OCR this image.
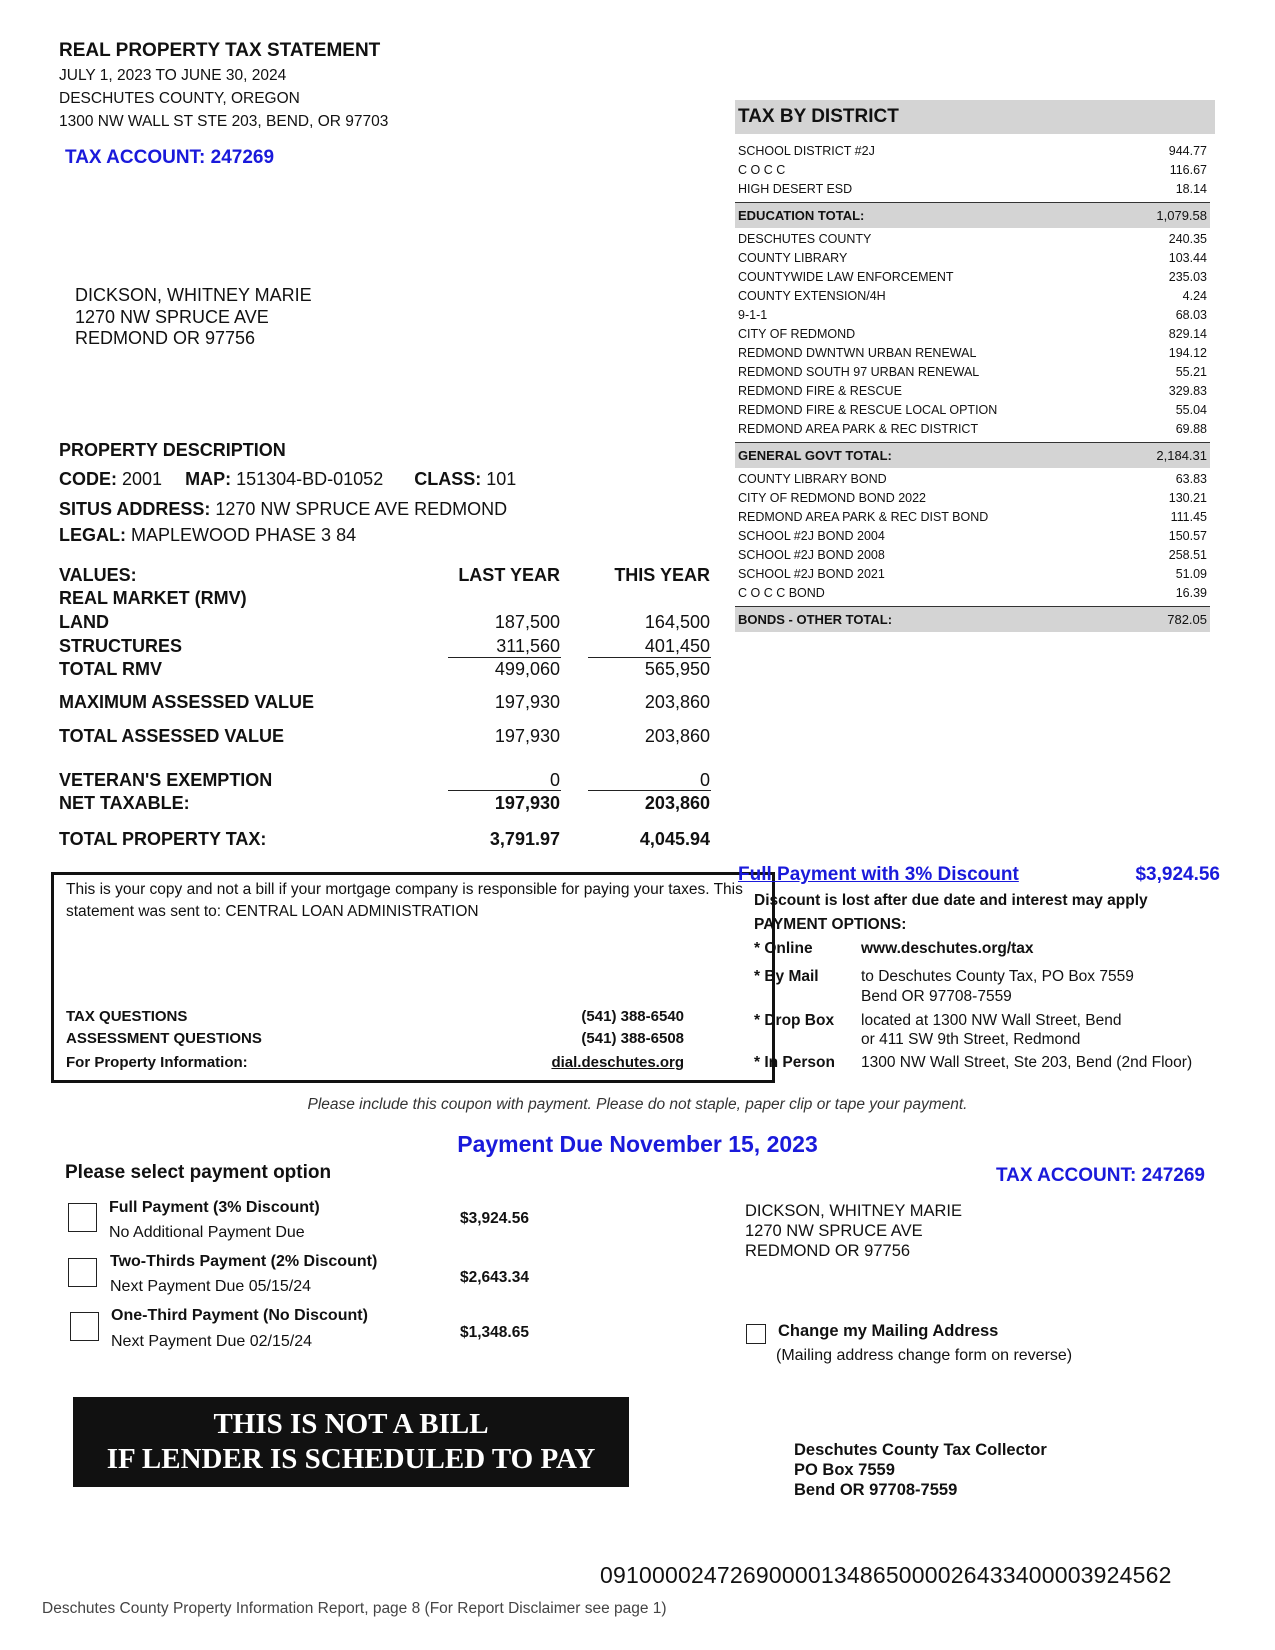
REAL PROPERTY TAX STATEMENT
JULY 1, 2023 TO JUNE 30, 2024
DESCHUTES COUNTY, OREGON
1300 NW WALL ST STE 203, BEND, OR 97703
TAX ACCOUNT: 247269
DICKSON, WHITNEY MARIE
1270 NW SPRUCE AVE
REDMOND OR 97756
PROPERTY DESCRIPTION
CODE: 2001 MAP: 151304-BD-01052 CLASS: 101
SITUS ADDRESS: 1270 NW SPRUCE AVE REDMOND
LEGAL: MAPLEWOOD PHASE 3 84
VALUES:	LAST YEAR	THIS YEAR
REAL MARKET (RMV)
LAND	187,500	164,500
STRUCTURES	311,560	401,450
TOTAL RMV	499,060	565,950
MAXIMUM ASSESSED VALUE	197,930	203,860
TOTAL ASSESSED VALUE	197,930	203,860
VETERAN'S EXEMPTION	0	0
NET TAXABLE:	197,930	203,860
TOTAL PROPERTY TAX:	3,791.97	4,045.94
TAX BY DISTRICT
SCHOOL DISTRICT #2J	944.77
C O C C	116.67
HIGH DESERT ESD	18.14
EDUCATION TOTAL:	1,079.58
DESCHUTES COUNTY	240.35
COUNTY LIBRARY	103.44
COUNTYWIDE LAW ENFORCEMENT	235.03
COUNTY EXTENSION/4H	4.24
9-1-1	68.03
CITY OF REDMOND	829.14
REDMOND DWNTWN URBAN RENEWAL	194.12
REDMOND SOUTH 97 URBAN RENEWAL	55.21
REDMOND FIRE & RESCUE	329.83
REDMOND FIRE & RESCUE LOCAL OPTION	55.04
REDMOND AREA PARK & REC DISTRICT	69.88
GENERAL GOVT TOTAL:	2,184.31
COUNTY LIBRARY BOND	63.83
CITY OF REDMOND BOND 2022	130.21
REDMOND AREA PARK & REC DIST BOND	111.45
SCHOOL #2J BOND 2004	150.57
SCHOOL #2J BOND 2008	258.51
SCHOOL #2J BOND 2021	51.09
C O C C BOND	16.39
BONDS - OTHER TOTAL:	782.05
This is your copy and not a bill if your mortgage company is responsible for paying your taxes. This statement was sent to: CENTRAL LOAN ADMINISTRATION
TAX QUESTIONS	(541) 388-6540
ASSESSMENT QUESTIONS	(541) 388-6508
For Property Information:	dial.deschutes.org
Full Payment with 3% Discount	$3,924.56
Discount is lost after due date and interest may apply
PAYMENT OPTIONS:
* Online	www.deschutes.org/tax
* By Mail	to Deschutes County Tax, PO Box 7559
Bend OR 97708-7559
* Drop Box located at 1300 NW Wall Street, Bend
or 411 SW 9th Street, Redmond
* In Person 1300 NW Wall Street, Ste 203, Bend (2nd Floor)
Please include this coupon with payment. Please do not staple, paper clip or tape your payment.
Payment Due November 15, 2023
Please select payment option	TAX ACCOUNT: 247269
Full Payment (3% Discount)
No Additional Payment Due
$3,924.56
Two-Thirds Payment (2% Discount)
Next Payment Due 05/15/24
$2,643.34
One-Third Payment (No Discount)
Next Payment Due 02/15/24
$1,348.65
DICKSON, WHITNEY MARIE
1270 NW SPRUCE AVE
REDMOND OR 97756
Change my Mailing Address
(Mailing address change form on reverse)
THIS IS NOT A BILL
IF LENDER IS SCHEDULED TO PAY	Deschutes County Tax Collector
PO Box 7559
Bend OR 97708-7559
09100002472690000134865000026433400003924562
Deschutes County Property Information Report, page 8 (For Report Disclaimer see page 1)
